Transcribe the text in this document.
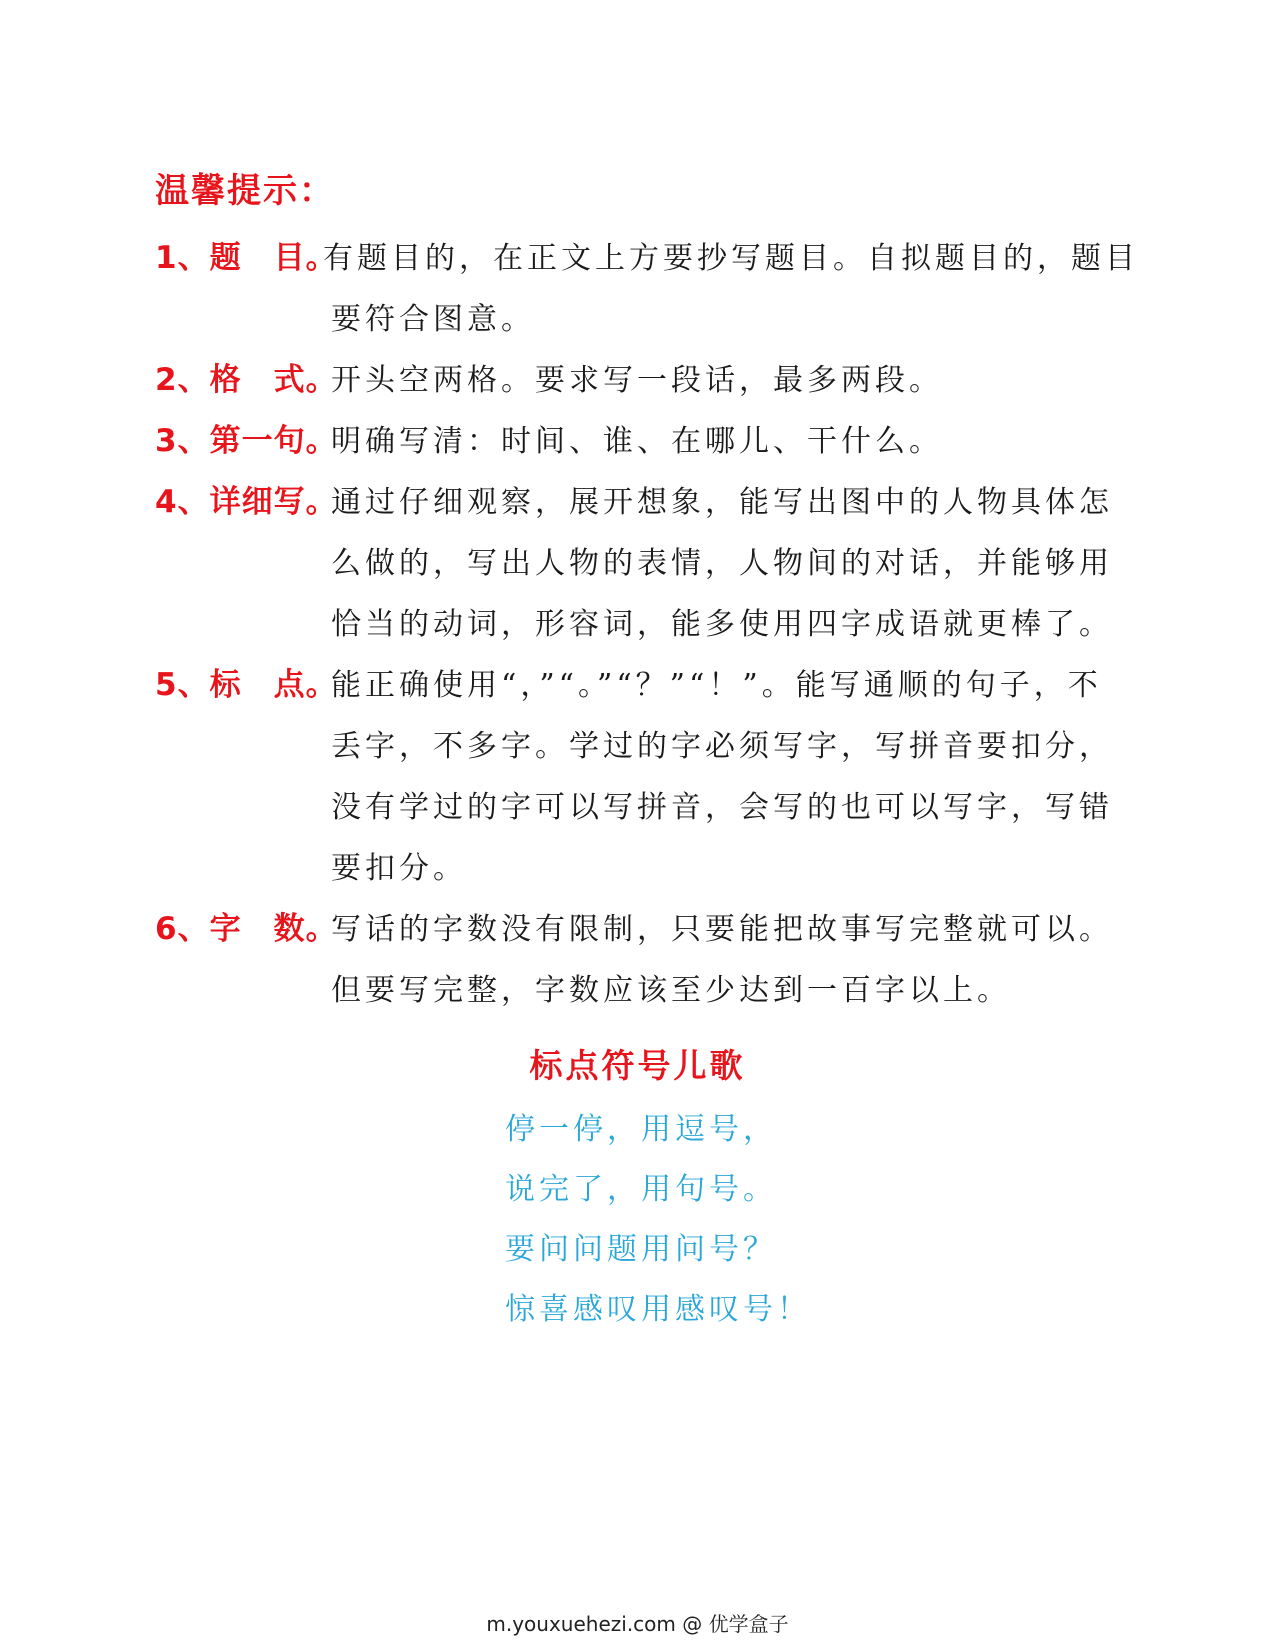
温馨提示：
1、题　目。
有题目的，在正文上方要抄写题目。自拟题目的，题目
要符合图意。
2、格　式。
开头空两格。要求写一段话，最多两段。
3、第一句。
明确写清：时间、谁、在哪儿、干什么。
4、详细写。
通过仔细观察，展开想象，能写出图中的人物具体怎
么做的，写出人物的表情，人物间的对话，并能够用
恰当的动词，形容词，能多使用四字成语就更棒了。
5、标　点。
能正确使用“，”“。”“？”“！”。能写通顺的句子，不
丢字，不多字。学过的字必须写字，写拼音要扣分，
没有学过的字可以写拼音，会写的也可以写字，写错
要扣分。
6、字　数。
写话的字数没有限制，只要能把故事写完整就可以。
但要写完整，字数应该至少达到一百字以上。
标点符号儿歌
停一停，用逗号，
说完了，用句号。
要问问题用问号？
惊喜感叹用感叹号！
m.youxuehezi.com @ 优学盒子
